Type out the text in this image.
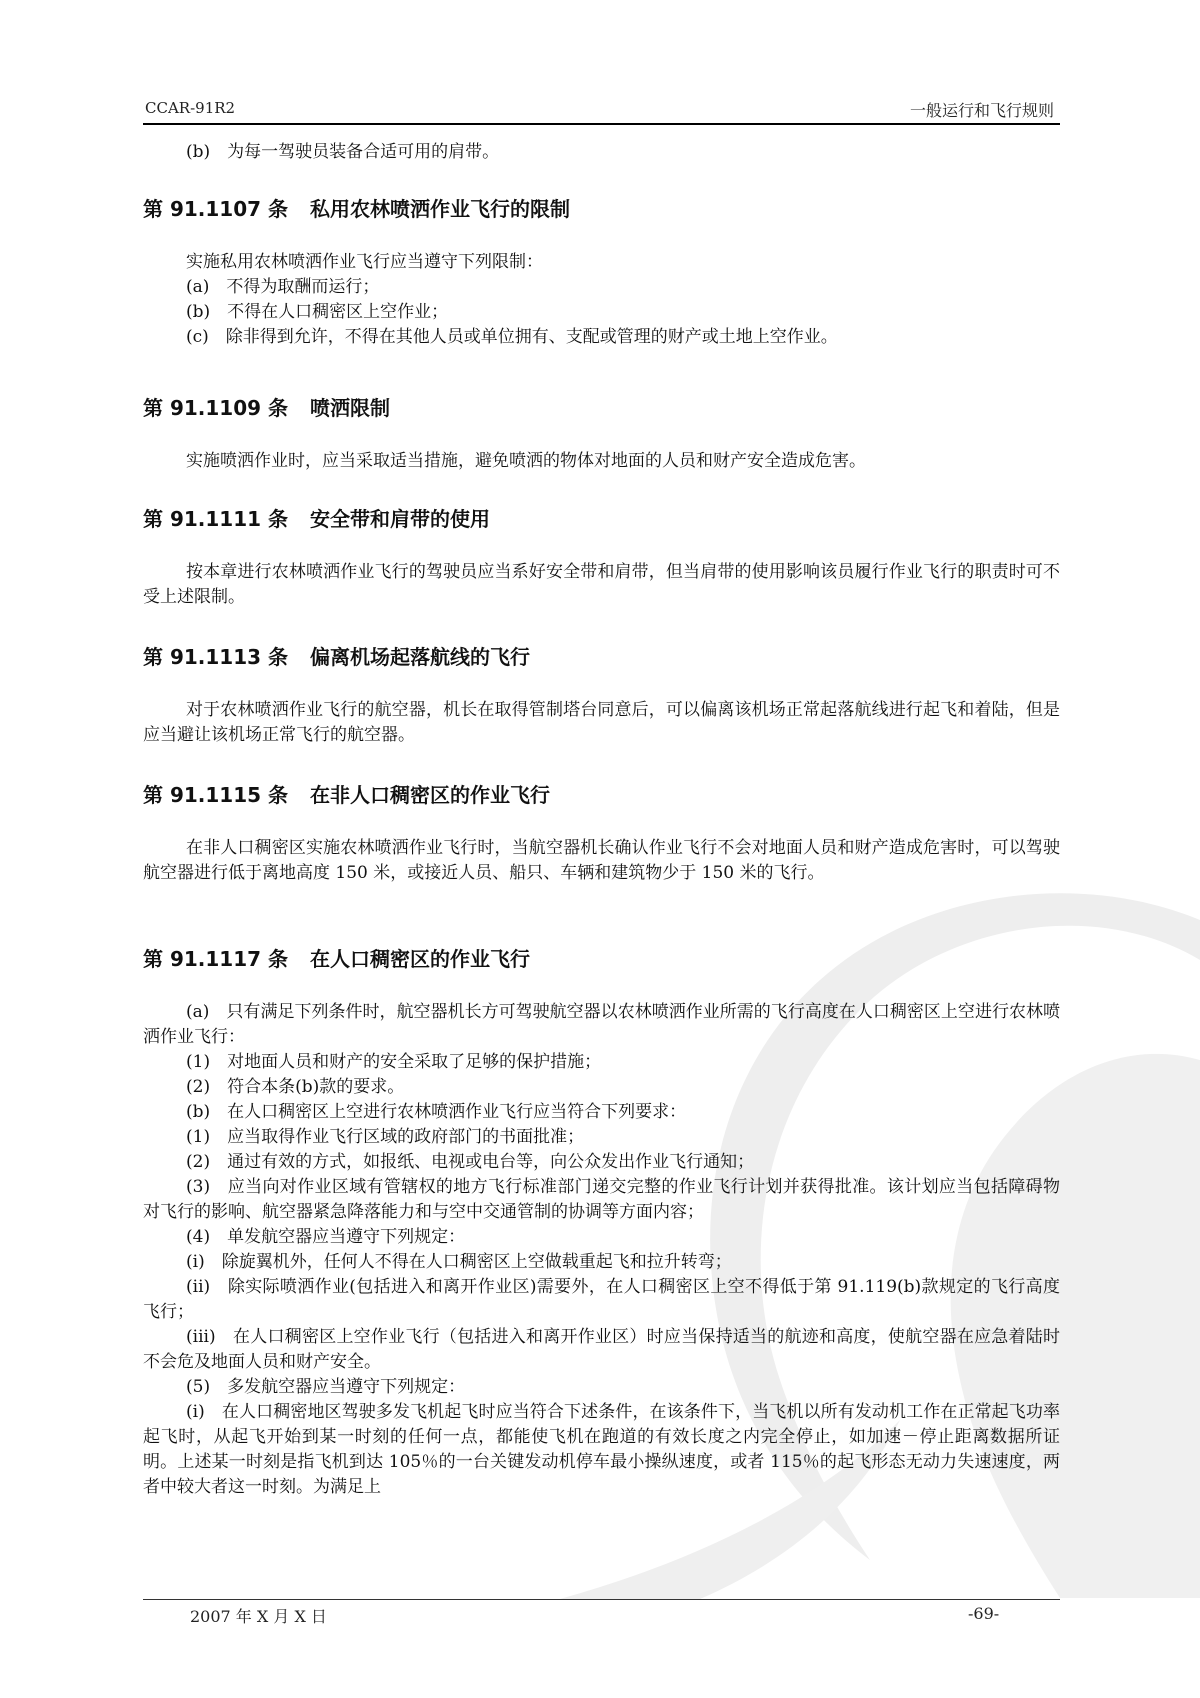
CCAR-91R2	一般运行和飞行规则

(b)　为每一驾驶员装备合适可用的肩带。

第 91.1107 条 私用农林喷洒作业飞行的限制

实施私用农林喷洒作业飞行应当遵守下列限制：

(a)　不得为取酬而运行；

(b)　不得在人口稠密区上空作业；

(c)　除非得到允许，不得在其他人员或单位拥有、支配或管理的财产或土地上空作业。

第 91.1109 条 喷洒限制

实施喷洒作业时，应当采取适当措施，避免喷洒的物体对地面的人员和财产安全造成危害。

第 91.1111 条 安全带和肩带的使用

按本章进行农林喷洒作业飞行的驾驶员应当系好安全带和肩带，但当肩带的使用影响该员履行作业飞行的职责时可不受上述限制。

第 91.1113 条 偏离机场起落航线的飞行

对于农林喷洒作业飞行的航空器，机长在取得管制塔台同意后，可以偏离该机场正常起落航线进行起飞和着陆，但是应当避让该机场正常飞行的航空器。

第 91.1115 条 在非人口稠密区的作业飞行

在非人口稠密区实施农林喷洒作业飞行时，当航空器机长确认作业飞行不会对地面人员和财产造成危害时，可以驾驶航空器进行低于离地高度 150 米，或接近人员、船只、车辆和建筑物少于 150 米的飞行。

第 91.1117 条 在人口稠密区的作业飞行

(a)　只有满足下列条件时，航空器机长方可驾驶航空器以农林喷洒作业所需的飞行高度在人口稠密区上空进行农林喷洒作业飞行：

(1)　对地面人员和财产的安全采取了足够的保护措施；

(2)　符合本条(b)款的要求。

(b)　在人口稠密区上空进行农林喷洒作业飞行应当符合下列要求：

(1)　应当取得作业飞行区域的政府部门的书面批准；

(2)　通过有效的方式，如报纸、电视或电台等，向公众发出作业飞行通知；

(3)　应当向对作业区域有管辖权的地方飞行标准部门递交完整的作业飞行计划并获得批准。该计划应当包括障碍物对飞行的影响、航空器紧急降落能力和与空中交通管制的协调等方面内容；

(4)　单发航空器应当遵守下列规定：

(i)　除旋翼机外，任何人不得在人口稠密区上空做载重起飞和拉升转弯；

(ii)　除实际喷洒作业(包括进入和离开作业区)需要外，在人口稠密区上空不得低于第 91.119(b)款规定的飞行高度飞行；

(iii)　在人口稠密区上空作业飞行（包括进入和离开作业区）时应当保持适当的航迹和高度，使航空器在应急着陆时不会危及地面人员和财产安全。

(5)　多发航空器应当遵守下列规定：

(i)　在人口稠密地区驾驶多发飞机起飞时应当符合下述条件，在该条件下，当飞机以所有发动机工作在正常起飞功率起飞时，从起飞开始到某一时刻的任何一点，都能使飞机在跑道的有效长度之内完全停止，如加速－停止距离数据所证明。上述某一时刻是指飞机到达 105％的一台关键发动机停车最小操纵速度，或者 115％的起飞形态无动力失速速度，两者中较大者这一时刻。为满足上

2007 年 X 月 X 日	-69-
